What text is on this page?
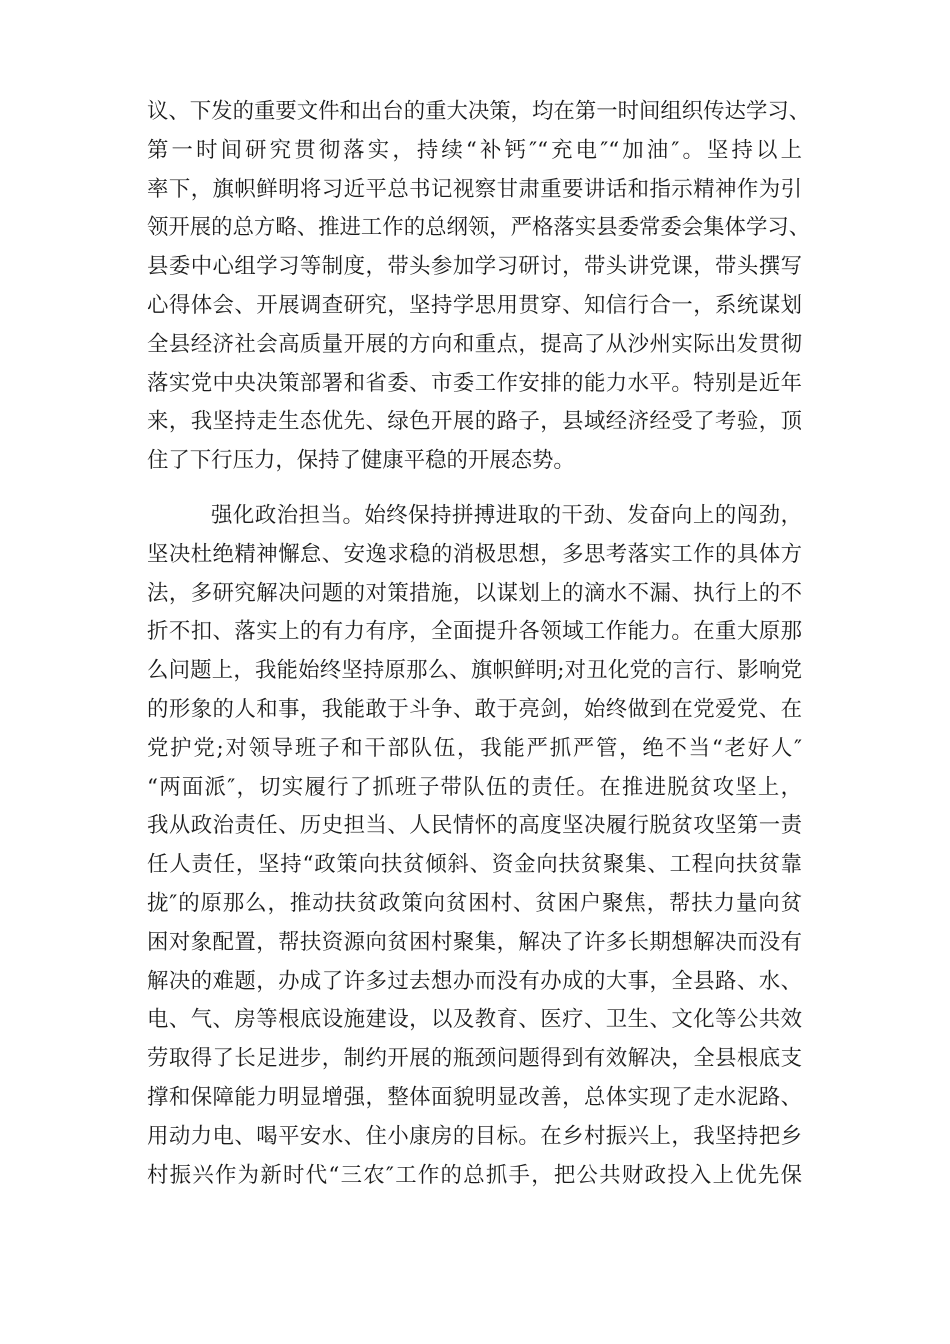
议、下发的重要文件和出台的重大决策，均在第一时间组织传达学习、
第一时间研究贯彻落实，持续“补钙″“充电″“加油″。坚持以上
率下，旗帜鲜明将习近平总书记视察甘肃重要讲话和指示精神作为引
领开展的总方略、推进工作的总纲领，严格落实县委常委会集体学习、
县委中心组学习等制度，带头参加学习研讨，带头讲党课，带头撰写
心得体会、开展调查研究，坚持学思用贯穿、知信行合一，系统谋划
全县经济社会高质量开展的方向和重点，提高了从沙州实际出发贯彻
落实党中央决策部署和省委、市委工作安排的能力水平。特别是近年
来，我坚持走生态优先、绿色开展的路子，县域经济经受了考验，顶
住了下行压力，保持了健康平稳的开展态势。
强化政治担当。始终保持拼搏进取的干劲、发奋向上的闯劲，
坚决杜绝精神懈怠、安逸求稳的消极思想，多思考落实工作的具体方
法，多研究解决问题的对策措施，以谋划上的滴水不漏、执行上的不
折不扣、落实上的有力有序，全面提升各领域工作能力。在重大原那
么问题上，我能始终坚持原那么、旗帜鲜明;对丑化党的言行、影响党
的形象的人和事，我能敢于斗争、敢于亮剑，始终做到在党爱党、在
党护党;对领导班子和干部队伍，我能严抓严管，绝不当“老好人″
“两面派″，切实履行了抓班子带队伍的责任。在推进脱贫攻坚上，
我从政治责任、历史担当、人民情怀的高度坚决履行脱贫攻坚第一责
任人责任，坚持“政策向扶贫倾斜、资金向扶贫聚集、工程向扶贫靠
拢″的原那么，推动扶贫政策向贫困村、贫困户聚焦，帮扶力量向贫
困对象配置，帮扶资源向贫困村聚集，解决了许多长期想解决而没有
解决的难题，办成了许多过去想办而没有办成的大事，全县路、水、
电、气、房等根底设施建设，以及教育、医疗、卫生、文化等公共效
劳取得了长足进步，制约开展的瓶颈问题得到有效解决，全县根底支
撑和保障能力明显增强，整体面貌明显改善，总体实现了走水泥路、
用动力电、喝平安水、住小康房的目标。在乡村振兴上，我坚持把乡
村振兴作为新时代“三农″工作的总抓手，把公共财政投入上优先保
